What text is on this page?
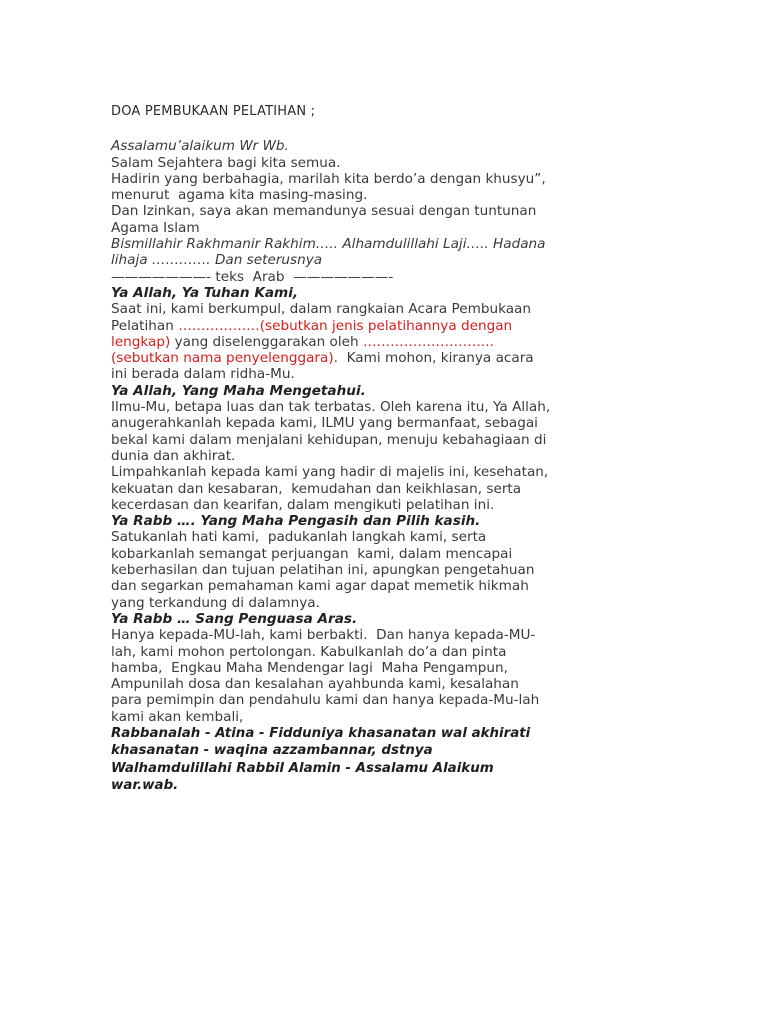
DOA PEMBUKAAN PELATIHAN ;
Assalamu’alaikum Wr Wb.
Salam Sejahtera bagi kita semua.
Hadirin yang berbahagia, marilah kita berdo’a dengan khusyu”,
menurut  agama kita masing-masing.
Dan Izinkan, saya akan memandunya sesuai dengan tuntunan
Agama Islam
Bismillahir Rakhmanir Rakhim….. Alhamdulillahi Laji….. Hadana
lihaja …………. Dan seterusnya
———————- teks  Arab  ———————-
Ya Allah, Ya Tuhan Kami,
Saat ini, kami berkumpul, dalam rangkaian Acara Pembukaan
Pelatihan ………………(sebutkan jenis pelatihannya dengan
lengkap) yang diselenggarakan oleh ………………………..
(sebutkan nama penyelenggara).  Kami mohon, kiranya acara
ini berada dalam ridha-Mu.
Ya Allah, Yang Maha Mengetahui.
Ilmu-Mu, betapa luas dan tak terbatas. Oleh karena itu, Ya Allah,
anugerahkanlah kepada kami, ILMU yang bermanfaat, sebagai
bekal kami dalam menjalani kehidupan, menuju kebahagiaan di
dunia dan akhirat.
Limpahkanlah kepada kami yang hadir di majelis ini, kesehatan,
kekuatan dan kesabaran,  kemudahan dan keikhlasan, serta
kecerdasan dan kearifan, dalam mengikuti pelatihan ini.
Ya Rabb …. Yang Maha Pengasih dan Pilih kasih.
Satukanlah hati kami,  padukanlah langkah kami, serta
kobarkanlah semangat perjuangan  kami, dalam mencapai
keberhasilan dan tujuan pelatihan ini, apungkan pengetahuan
dan segarkan pemahaman kami agar dapat memetik hikmah
yang terkandung di dalamnya.
Ya Rabb … Sang Penguasa Aras.
Hanya kepada-MU-lah, kami berbakti.  Dan hanya kepada-MU-
lah, kami mohon pertolongan. Kabulkanlah do’a dan pinta
hamba,  Engkau Maha Mendengar lagi  Maha Pengampun,
Ampunilah dosa dan kesalahan ayahbunda kami, kesalahan
para pemimpin dan pendahulu kami dan hanya kepada-Mu-lah
kami akan kembali,
Rabbanalah - Atina - Fidduniya khasanatan wal akhirati
khasanatan - waqina azzambannar, dstnya
Walhamdulillahi Rabbil Alamin - Assalamu Alaikum
war.wab.
